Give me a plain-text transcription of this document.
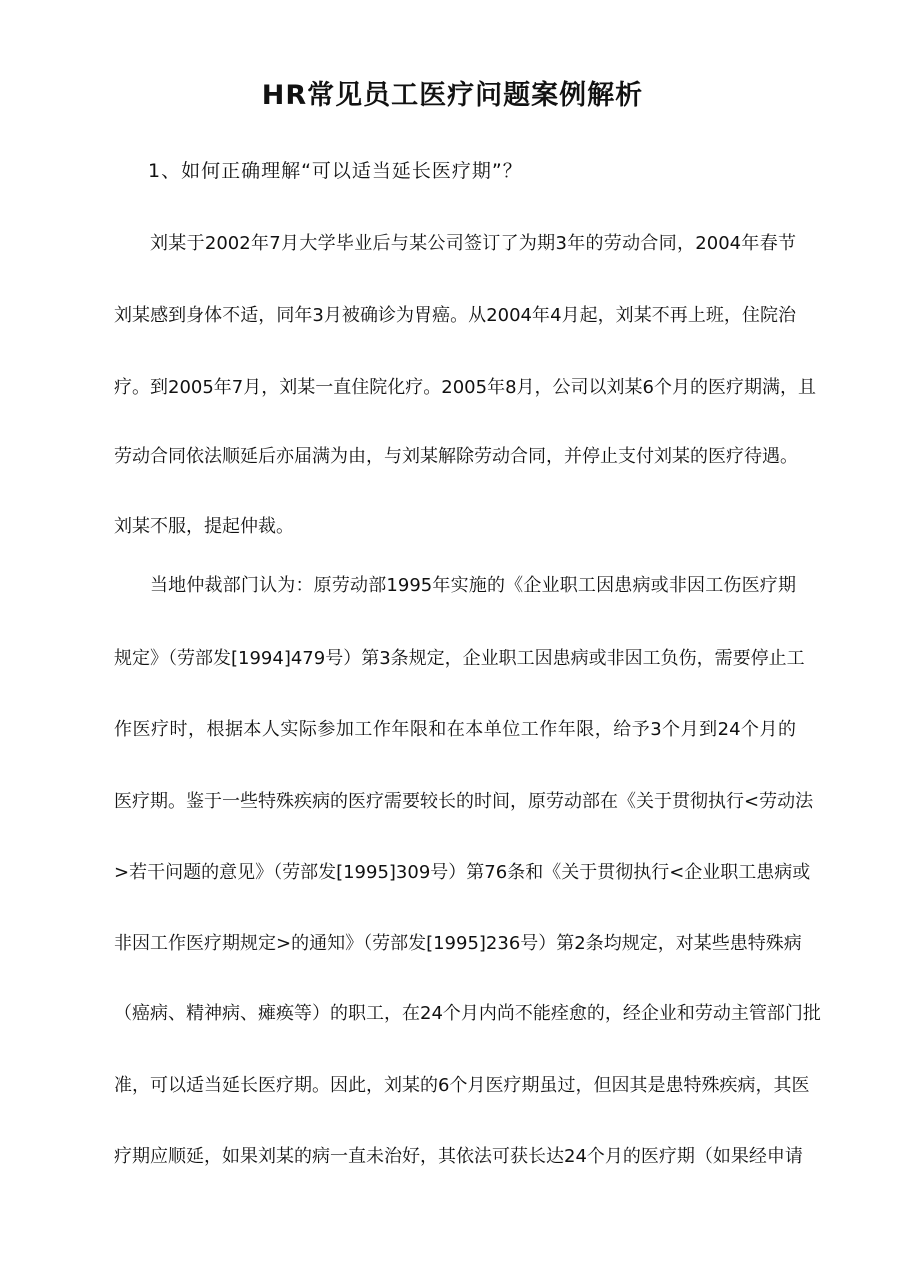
HR常见员工医疗问题案例解析
1、如何正确理解“可以适当延长医疗期”？
刘某于2002年7月大学毕业后与某公司签订了为期3年的劳动合同，2004年春节
刘某感到身体不适，同年3月被确诊为胃癌。从2004年4月起，刘某不再上班，住院治
疗。到2005年7月，刘某一直住院化疗。2005年8月，公司以刘某6个月的医疗期满，且
劳动合同依法顺延后亦届满为由，与刘某解除劳动合同，并停止支付刘某的医疗待遇。
刘某不服，提起仲裁。
当地仲裁部门认为：原劳动部1995年实施的《企业职工因患病或非因工伤医疗期
规定》（劳部发[1994]479号）第3条规定，企业职工因患病或非因工负伤，需要停止工
作医疗时，根据本人实际参加工作年限和在本单位工作年限，给予3个月到24个月的
医疗期。鉴于一些特殊疾病的医疗需要较长的时间，原劳动部在《关于贯彻执行<劳动法
>若干问题的意见》（劳部发[1995]309号）第76条和《关于贯彻执行<企业职工患病或
非因工作医疗期规定>的通知》（劳部发[1995]236号）第2条均规定，对某些患特殊病
（癌病、精神病、瘫痪等）的职工，在24个月内尚不能痊愈的，经企业和劳动主管部门批
准，可以适当延长医疗期。因此，刘某的6个月医疗期虽过，但因其是患特殊疾病，其医
疗期应顺延，如果刘某的病一直未治好，其依法可获长达24个月的医疗期（如果经申请
